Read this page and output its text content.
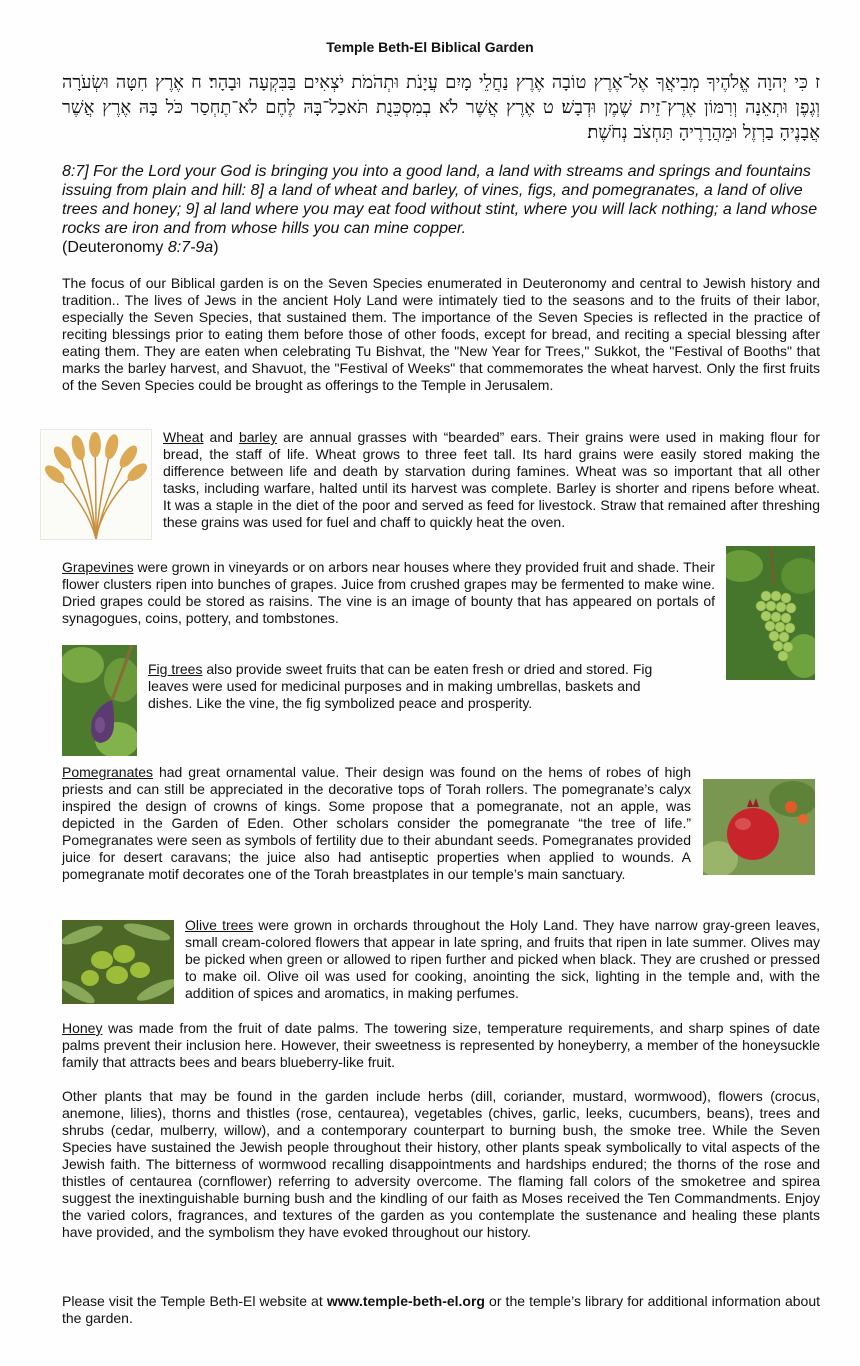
Temple Beth-El Biblical Garden
ז כִּי יְהוָה אֱלֹהֶיךָ מְבִיאֲךָ אֶל־אֶרֶץ טוֹבָה אֶרֶץ נַחֲלֵי מָיִם עֲיָנֹת וּתְהֹמֹת יֹצְאִים בַּבִּקְעָה וּבָהָר׃ ח אֶרֶץ חִטָּה וּשְׂעֹרָה וְגֶפֶן וּתְאֵנָה וְרִמּוֹן אֶרֶץ־זֵית שֶׁמֶן וּדְבָשׁ׃ ט אֶרֶץ אֲשֶׁר לֹא בְמִסְכֵּנֻת תֹּאכַל־בָּהּ לֶחֶם לֹא־תֶחְסַר כֹּל בָּהּ אֶרֶץ אֲשֶׁר אֲבָנֶיהָ בַרְזֶל וּמֵהֲרָרֶיהָ תַּחְצֹב נְחֹשֶׁת׃
8:7] For the Lord your God is bringing you into a good land, a land with streams and springs and fountains issuing from plain and hill: 8] a land of wheat and barley, of vines, figs, and pomegranates, a land of olive trees and honey; 9] al land where you may eat food without stint, where you will lack nothing; a land whose rocks are iron and from whose hills you can mine copper.
(Deuteronomy 8:7-9a)
The focus of our Biblical garden is on the Seven Species enumerated in Deuteronomy and central to Jewish history and tradition.. The lives of Jews in the ancient Holy Land were intimately tied to the seasons and to the fruits of their labor, especially the Seven Species, that sustained them. The importance of the Seven Species is reflected in the practice of reciting blessings prior to eating them before those of other foods, except for bread, and reciting a special blessing after eating them. They are eaten when celebrating Tu Bishvat, the "New Year for Trees," Sukkot, the "Festival of Booths" that marks the barley harvest, and Shavuot, the "Festival of Weeks" that commemorates the wheat harvest. Only the first fruits of the Seven Species could be brought as offerings to the Temple in Jerusalem.
Wheat and barley are annual grasses with “bearded” ears. Their grains were used in making flour for bread, the staff of life. Wheat grows to three feet tall. Its hard grains were easily stored making the difference between life and death by starvation during famines. Wheat was so important that all other tasks, including warfare, halted until its harvest was complete. Barley is shorter and ripens before wheat. It was a staple in the diet of the poor and served as feed for livestock. Straw that remained after threshing these grains was used for fuel and chaff to quickly heat the oven.
Grapevines were grown in vineyards or on arbors near houses where they provided fruit and shade. Their flower clusters ripen into bunches of grapes. Juice from crushed grapes may be fermented to make wine. Dried grapes could be stored as raisins. The vine is an image of bounty that has appeared on portals of synagogues, coins, pottery, and tombstones.
Fig trees also provide sweet fruits that can be eaten fresh or dried and stored. Fig leaves were used for medicinal purposes and in making umbrellas, baskets and dishes. Like the vine, the fig symbolized peace and prosperity.
Pomegranates had great ornamental value. Their design was found on the hems of robes of high priests and can still be appreciated in the decorative tops of Torah rollers. The pomegranate’s calyx inspired the design of crowns of kings. Some propose that a pomegranate, not an apple, was depicted in the Garden of Eden. Other scholars consider the pomegranate “the tree of life.” Pomegranates were seen as symbols of fertility due to their abundant seeds. Pomegranates provided juice for desert caravans; the juice also had antiseptic properties when applied to wounds. A pomegranate motif decorates one of the Torah breastplates in our temple’s main sanctuary.
Olive trees were grown in orchards throughout the Holy Land. They have narrow gray-green leaves, small cream-colored flowers that appear in late spring, and fruits that ripen in late summer. Olives may be picked when green or allowed to ripen further and picked when black. They are crushed or pressed to make oil. Olive oil was used for cooking, anointing the sick, lighting in the temple and, with the addition of spices and aromatics, in making perfumes.
Honey was made from the fruit of date palms. The towering size, temperature requirements, and sharp spines of date palms prevent their inclusion here. However, their sweetness is represented by honeyberry, a member of the honeysuckle family that attracts bees and bears blueberry-like fruit.
Other plants that may be found in the garden include herbs (dill, coriander, mustard, wormwood), flowers (crocus, anemone, lilies), thorns and thistles (rose, centaurea), vegetables (chives, garlic, leeks, cucumbers, beans), trees and shrubs (cedar, mulberry, willow), and a contemporary counterpart to burning bush, the smoke tree. While the Seven Species have sustained the Jewish people throughout their history, other plants speak symbolically to vital aspects of the Jewish faith. The bitterness of wormwood recalling disappointments and hardships endured; the thorns of the rose and thistles of centaurea (cornflower) referring to adversity overcome. The flaming fall colors of the smoketree and spirea suggest the inextinguishable burning bush and the kindling of our faith as Moses received the Ten Commandments. Enjoy the varied colors, fragrances, and textures of the garden as you contemplate the sustenance and healing these plants have provided, and the symbolism they have evoked throughout our history.
Please visit the Temple Beth-El website at www.temple-beth-el.org or the temple’s library for additional information about the garden.
